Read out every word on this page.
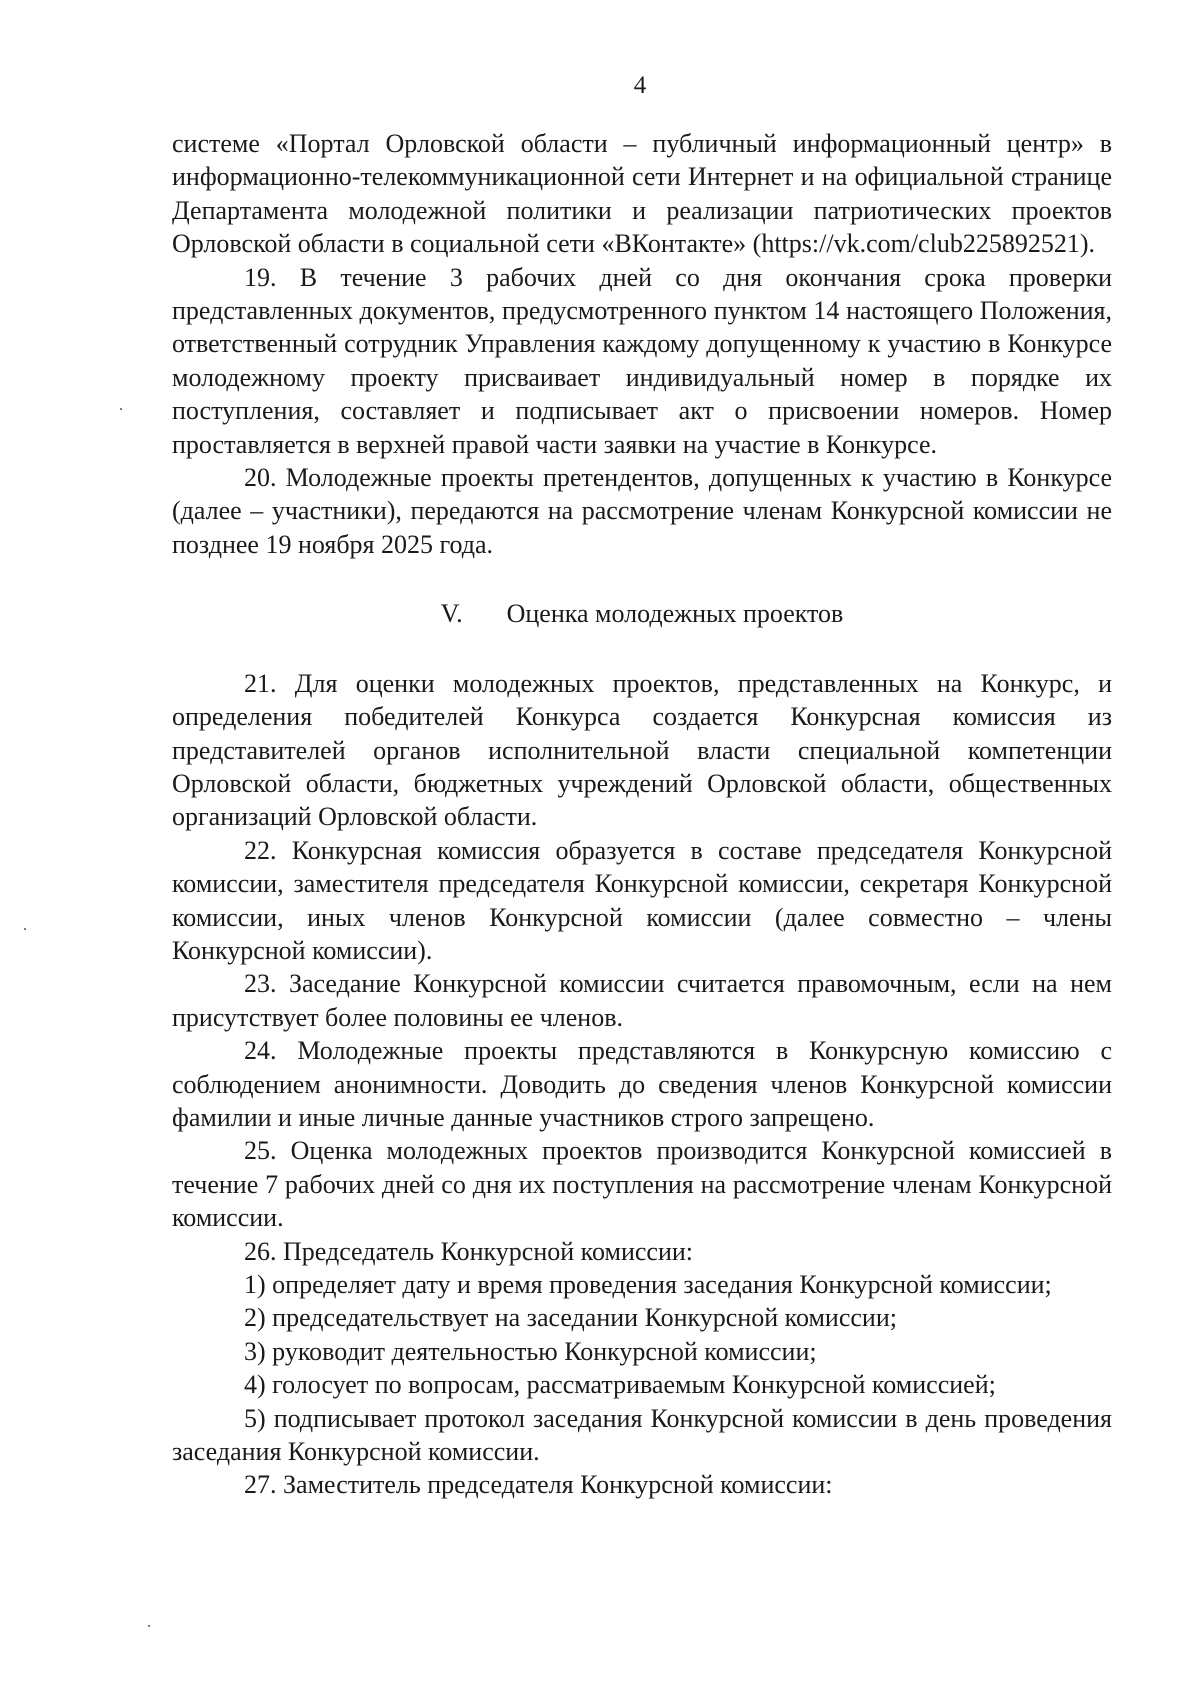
4

системе «Портал Орловской области – публичный информационный центр» в информационно-телекоммуникационной сети Интернет и на официальной странице Департамента молодежной политики и реализации патриотических проектов Орловской области в социальной сети «ВКонтакте» (https://vk.com/club225892521).

19. В течение 3 рабочих дней со дня окончания срока проверки представленных документов, предусмотренного пунктом 14 настоящего Положения, ответственный сотрудник Управления каждому допущенному к участию в Конкурсе молодежному проекту присваивает индивидуальный номер в порядке их поступления, составляет и подписывает акт о присвоении номеров. Номер проставляется в верхней правой части заявки на участие в Конкурсе.

20. Молодежные проекты претендентов, допущенных к участию в Конкурсе (далее – участники), передаются на рассмотрение членам Конкурсной комиссии не позднее 19 ноября 2025 года.

V. Оценка молодежных проектов

21. Для оценки молодежных проектов, представленных на Конкурс, и определения победителей Конкурса создается Конкурсная комиссия из представителей органов исполнительной власти специальной компетенции Орловской области, бюджетных учреждений Орловской области, общественных организаций Орловской области.

22. Конкурсная комиссия образуется в составе председателя Конкурсной комиссии, заместителя председателя Конкурсной комиссии, секретаря Конкурсной комиссии, иных членов Конкурсной комиссии (далее совместно – члены Конкурсной комиссии).

23. Заседание Конкурсной комиссии считается правомочным, если на нем присутствует более половины ее членов.

24. Молодежные проекты представляются в Конкурсную комиссию с соблюдением анонимности. Доводить до сведения членов Конкурсной комиссии фамилии и иные личные данные участников строго запрещено.

25. Оценка молодежных проектов производится Конкурсной комиссией в течение 7 рабочих дней со дня их поступления на рассмотрение членам Конкурсной комиссии.

26. Председатель Конкурсной комиссии:

1) определяет дату и время проведения заседания Конкурсной комиссии;

2) председательствует на заседании Конкурсной комиссии;

3) руководит деятельностью Конкурсной комиссии;

4) голосует по вопросам, рассматриваемым Конкурсной комиссией;

5) подписывает протокол заседания Конкурсной комиссии в день проведения заседания Конкурсной комиссии.

27. Заместитель председателя Конкурсной комиссии:
